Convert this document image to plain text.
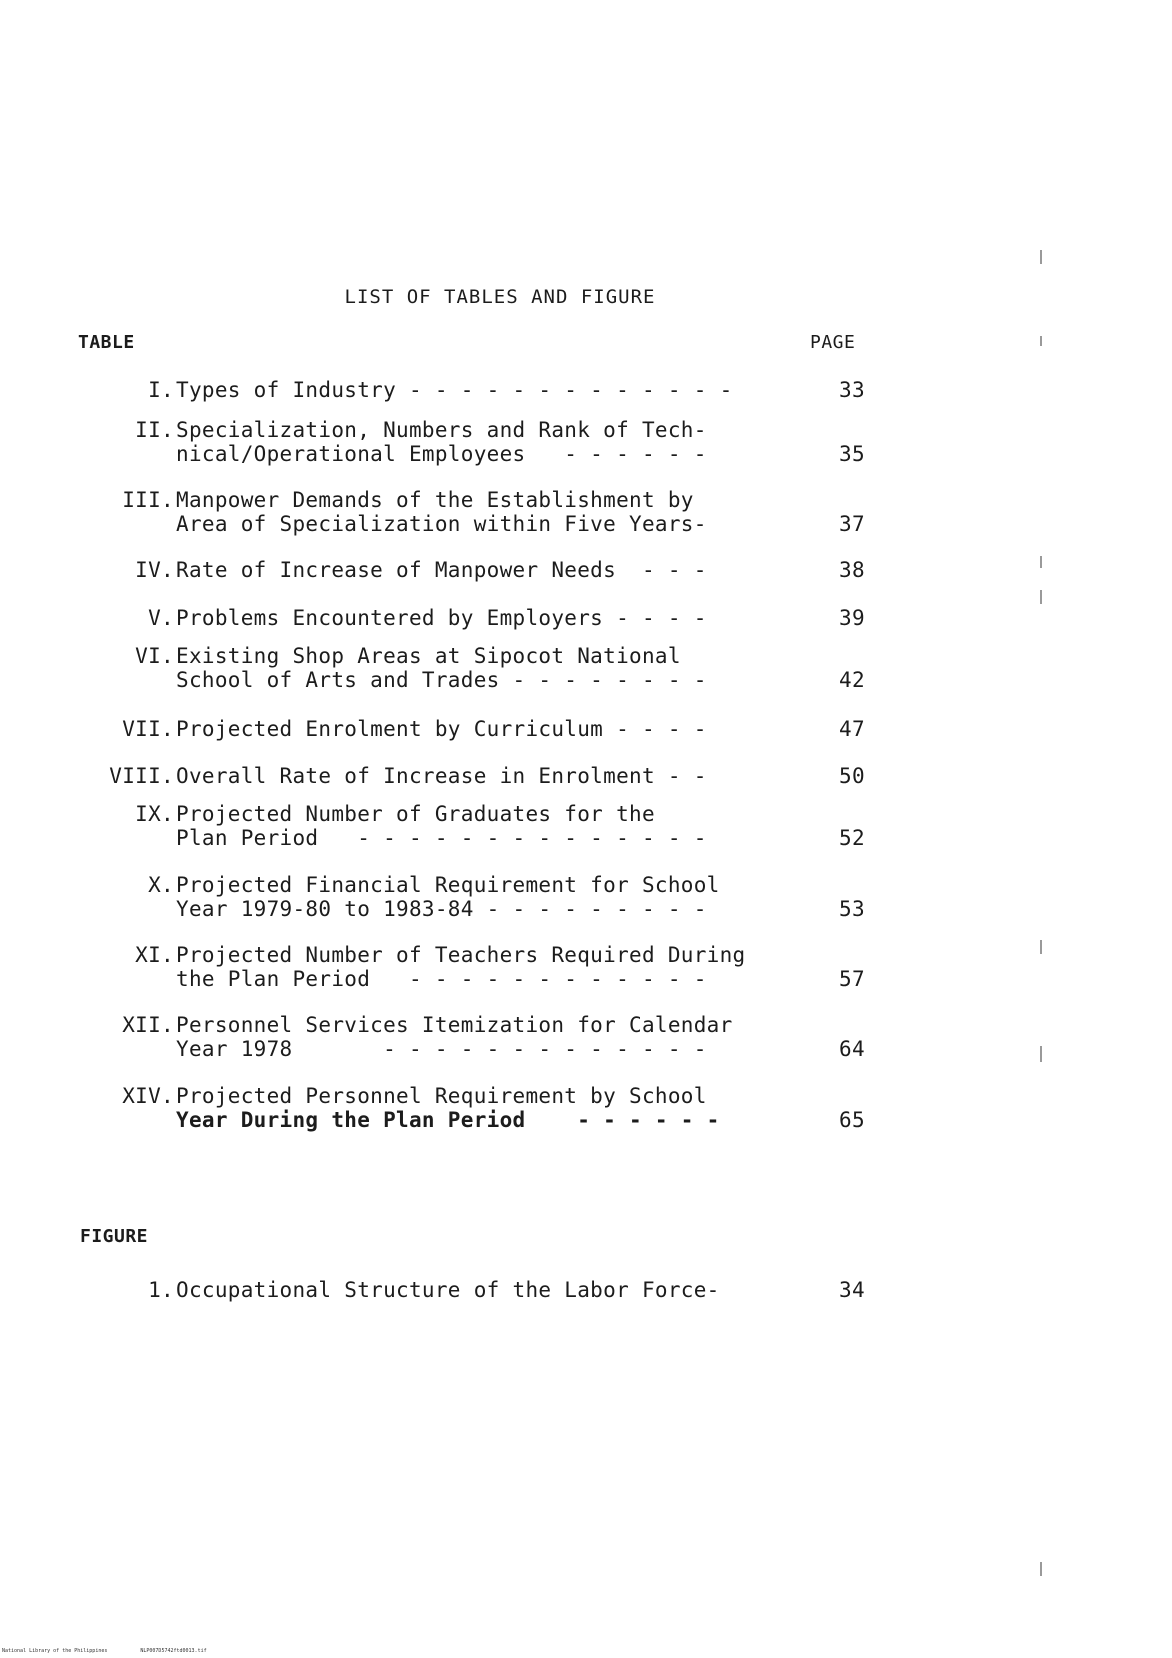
LIST OF TABLES AND FIGURE
TABLE	PAGE
I. Types of Industry - - - - - - - - - - - - -	33
II. Specialization, Numbers and Rank of Tech-
nical/Operational Employees   - - - - - -	35
III. Manpower Demands of the Establishment by
Area of Specialization within Five Years-	37
IV. Rate of Increase of Manpower Needs  - - -	38
V. Problems Encountered by Employers - - - -	39
VI. Existing Shop Areas at Sipocot National
School of Arts and Trades - - - - - - - -	42
VII. Projected Enrolment by Curriculum - - - -	47
VIII. Overall Rate of Increase in Enrolment - -	50
IX. Projected Number of Graduates for the
Plan Period   - - - - - - - - - - - - - -	52
X. Projected Financial Requirement for School
Year 1979-80 to 1983-84 - - - - - - - - -	53
XI. Projected Number of Teachers Required During
the Plan Period   - - - - - - - - - - - -	57
XII. Personnel Services Itemization for Calendar
Year 1978       - - - - - - - - - - - - -	64
XIV. Projected Personnel Requirement by School
Year During the Plan Period    - - - - - -	65
FIGURE
1. Occupational Structure of the Labor Force-	34
National Library of the Philippines	NLP007D5742ftd0013.tif
